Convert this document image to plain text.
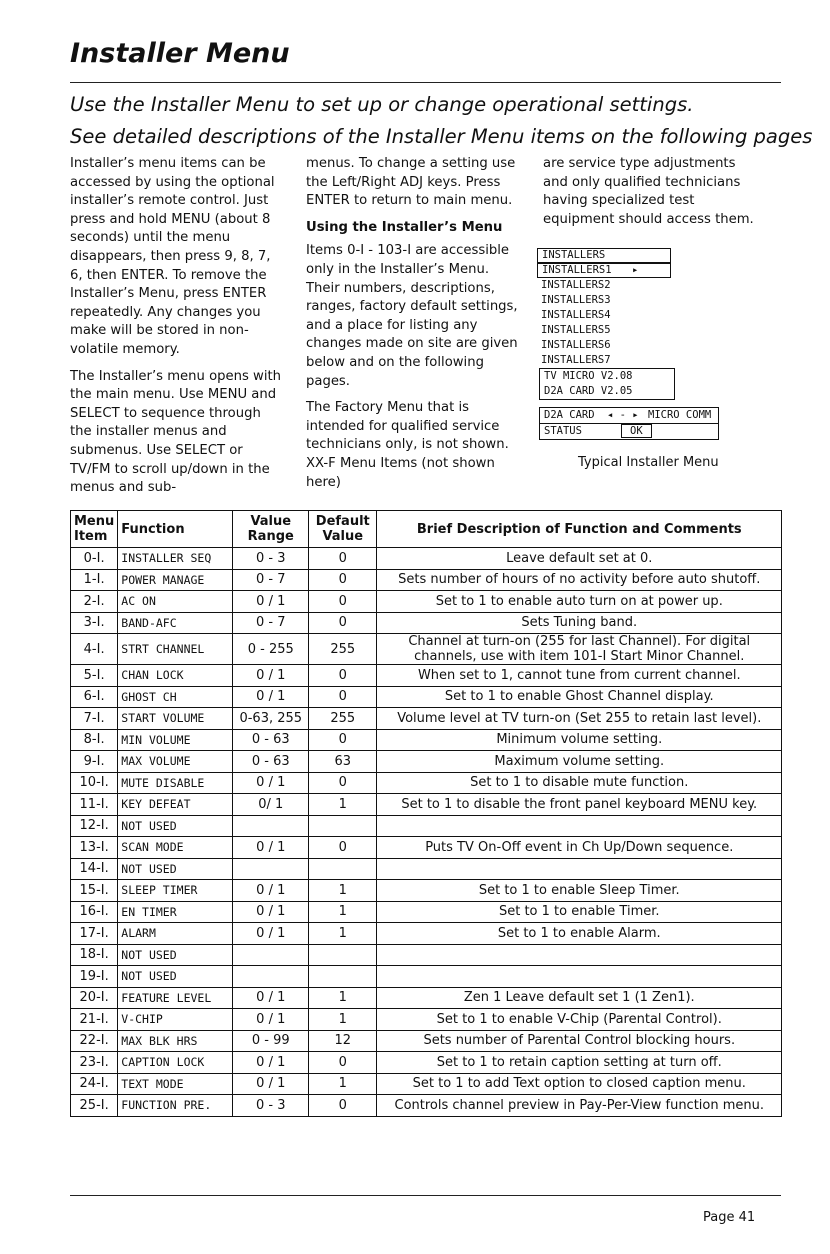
Installer Menu
Use the Installer Menu to set up or change operational settings.
See detailed descriptions of the Installer Menu items on the following pages

Installer’s menu items can be accessed by using the optional installer’s remote control. Just press and hold MENU (about 8 seconds) until the menu disappears, then press 9, 8, 7, 6, then ENTER. To remove the Installer’s Menu, press ENTER repeatedly. Any changes you make will be stored in non-volatile memory.

The Installer’s menu opens with the main menu. Use MENU and SELECT to sequence through the installer menus and submenus. Use SELECT or TV/FM to scroll up/down in the menus and sub-

menus. To change a setting use the Left/Right ADJ keys. Press ENTER to return to main menu.

Using the Installer’s Menu

Items 0-I - 103-I are accessible only in the Installer’s Menu. Their numbers, descriptions, ranges, factory default settings, and a place for listing any changes made on site are given below and on the following pages.

The Factory Menu that is intended for qualified service technicians only, is not shown. XX-F Menu Items (not shown here)

are service type adjustments and only qualified technicians having specialized test equipment should access them.

INSTALLERS
INSTALLERS1 ▸
INSTALLERS2
INSTALLERS3
INSTALLERS4
INSTALLERS5
INSTALLERS6
INSTALLERS7
TV MICRO V2.08
D2A CARD V2.05
D2A CARD ◂ - ▸ MICRO COMM
STATUS	OK
Typical Installer Menu
Menu Item	Function	Value Range	Default Value	Brief Description of Function and Comments
0-I.	INSTALLER SEQ	0 - 3	0	Leave default set at 0.
1-I.	POWER MANAGE	0 - 7	0	Sets number of hours of no activity before auto shutoff.
2-I.	AC ON	0 / 1	0	Set to 1 to enable auto turn on at power up.
3-I.	BAND-AFC	0 - 7	0	Sets Tuning band.
4-I.	STRT CHANNEL	0 - 255	255	Channel at turn-on (255 for last Channel). For digital channels, use with item 101-I Start Minor Channel.
5-I.	CHAN LOCK	0 / 1	0	When set to 1, cannot tune from current channel.
6-I.	GHOST CH	0 / 1	0	Set to 1 to enable Ghost Channel display.
7-I.	START VOLUME	0-63, 255	255	Volume level at TV turn-on (Set 255 to retain last level).
8-I.	MIN VOLUME	0 - 63	0	Minimum volume setting.
9-I.	MAX VOLUME	0 - 63	63	Maximum volume setting.
10-I.	MUTE DISABLE	0 / 1	0	Set to 1 to disable mute function.
11-I.	KEY DEFEAT	0/ 1	1	Set to 1 to disable the front panel keyboard MENU key.
12-I.	NOT USED			
13-I.	SCAN MODE	0 / 1	0	Puts TV On-Off event in Ch Up/Down sequence.
14-I.	NOT USED			
15-I.	SLEEP TIMER	0 / 1	1	Set to 1 to enable Sleep Timer.
16-I.	EN TIMER	0 / 1	1	Set to 1 to enable Timer.
17-I.	ALARM	0 / 1	1	Set to 1 to enable Alarm.
18-I.	NOT USED			
19-I.	NOT USED			
20-I.	FEATURE LEVEL	0 / 1	1	Zen 1 Leave default set 1 (1 Zen1).
21-I.	V-CHIP	0 / 1	1	Set to 1 to enable V-Chip (Parental Control).
22-I.	MAX BLK HRS	0 - 99	12	Sets number of Parental Control blocking hours.
23-I.	CAPTION LOCK	0 / 1	0	Set to 1 to retain caption setting at turn off.
24-I.	TEXT MODE	0 / 1	1	Set to 1 to add Text option to closed caption menu.
25-I.	FUNCTION PRE.	0 - 3	0	Controls channel preview in Pay-Per-View function menu.
Page 41
